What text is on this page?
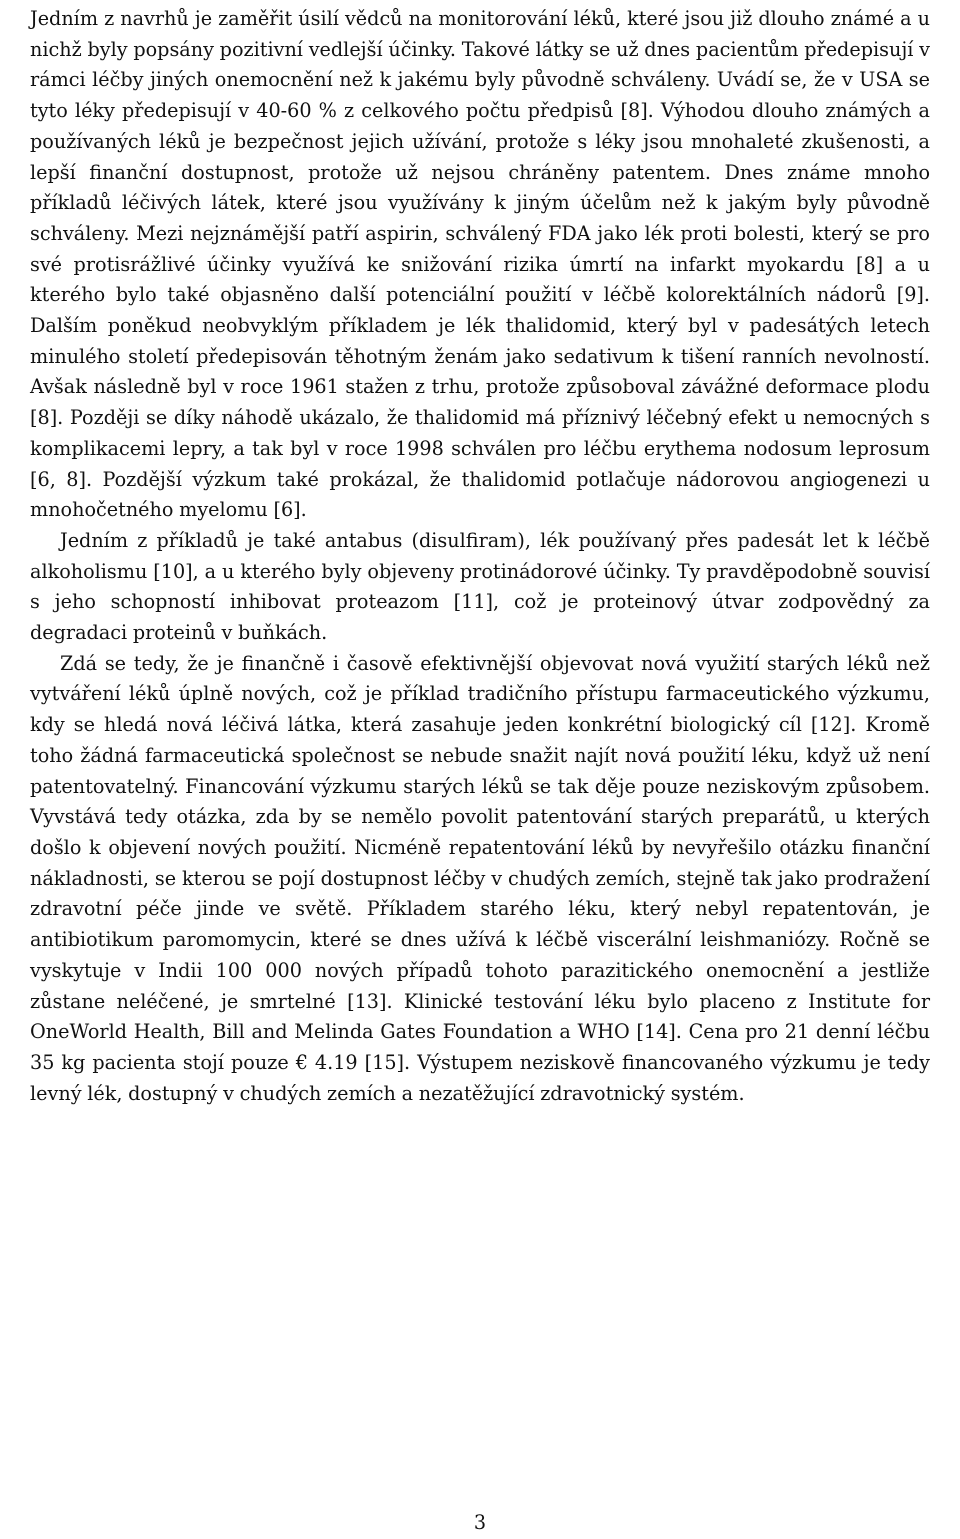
Jedním z navrhů je zaměřit úsilí vědců na monitorování léků, které jsou již dlouho známé a u nichž byly popsány pozitivní vedlejší účinky. Takové látky se už dnes pacientům předepisují v rámci léčby jiných onemocnění než k jakému byly původně schváleny. Uvádí se, že v USA se tyto léky předepisují v 40-60 % z celkového počtu předpisů [8]. Výhodou dlouho známých a používaných léků je bezpečnost jejich užívání, protože s léky jsou mnohaleté zkušenosti, a lepší finanční dostupnost, protože už nejsou chráněny patentem. Dnes známe mnoho příkladů léčivých látek, které jsou využívány k jiným účelům než k jakým byly původně schváleny. Mezi nejznámější patří aspirin, schválený FDA jako lék proti bolesti, který se pro své protisrážlivé účinky využívá ke snižování rizika úmrtí na infarkt myokardu [8] a u kterého bylo také objasněno další potenciální použití v léčbě kolorektálních nádorů [9]. Dalším poněkud neobvyklým příkladem je lék thalidomid, který byl v padesátých letech minulého století předepisován těhotným ženám jako sedativum k tišení ranních nevolností. Avšak následně byl v roce 1961 stažen z trhu, protože způsoboval závážné deformace plodu [8]. Později se díky náhodě ukázalo, že thalidomid má příznivý léčebný efekt u nemocných s komplikacemi lepry, a tak byl v roce 1998 schválen pro léčbu erythema nodosum leprosum [6, 8]. Pozdější výzkum také prokázal, že thalidomid potlačuje nádorovou angiogenezi u mnohočetného myelomu [6].

Jedním z příkladů je také antabus (disulfiram), lék používaný přes padesát let k léčbě alkoholismu [10], a u kterého byly objeveny protinádorové účinky. Ty pravděpodobně souvisí s jeho schopností inhibovat proteazom [11], což je proteinový útvar zodpovědný za degradaci proteinů v buňkách.

Zdá se tedy, že je finančně i časově efektivnější objevovat nová využití starých léků než vytváření léků úplně nových, což je příklad tradičního přístupu farmaceutického výzkumu, kdy se hledá nová léčivá látka, která zasahuje jeden konkrétní biologický cíl [12]. Kromě toho žádná farmaceutická společnost se nebude snažit najít nová použití léku, když už není patentovatelný. Financování výzkumu starých léků se tak děje pouze neziskovým způsobem. Vyvstává tedy otázka, zda by se nemělo povolit patentování starých preparátů, u kterých došlo k objevení nových použití. Nicméně repatentování léků by nevyřešilo otázku finanční nákladnosti, se kterou se pojí dostupnost léčby v chudých zemích, stejně tak jako prodražení zdravotní péče jinde ve světě. Příkladem starého léku, který nebyl repatentován, je antibiotikum paromomycin, které se dnes užívá k léčbě viscerální leishmaniózy. Ročně se vyskytuje v Indii 100 000 nových případů tohoto parazitického onemocnění a jestliže zůstane neléčené, je smrtelné [13]. Klinické testování léku bylo placeno z Institute for OneWorld Health, Bill and Melinda Gates Foundation a WHO [14]. Cena pro 21 denní léčbu 35 kg pacienta stojí pouze € 4.19 [15]. Výstupem neziskově financovaného výzkumu je tedy levný lék, dostupný v chudých zemích a nezatěžující zdravotnický systém.

3
